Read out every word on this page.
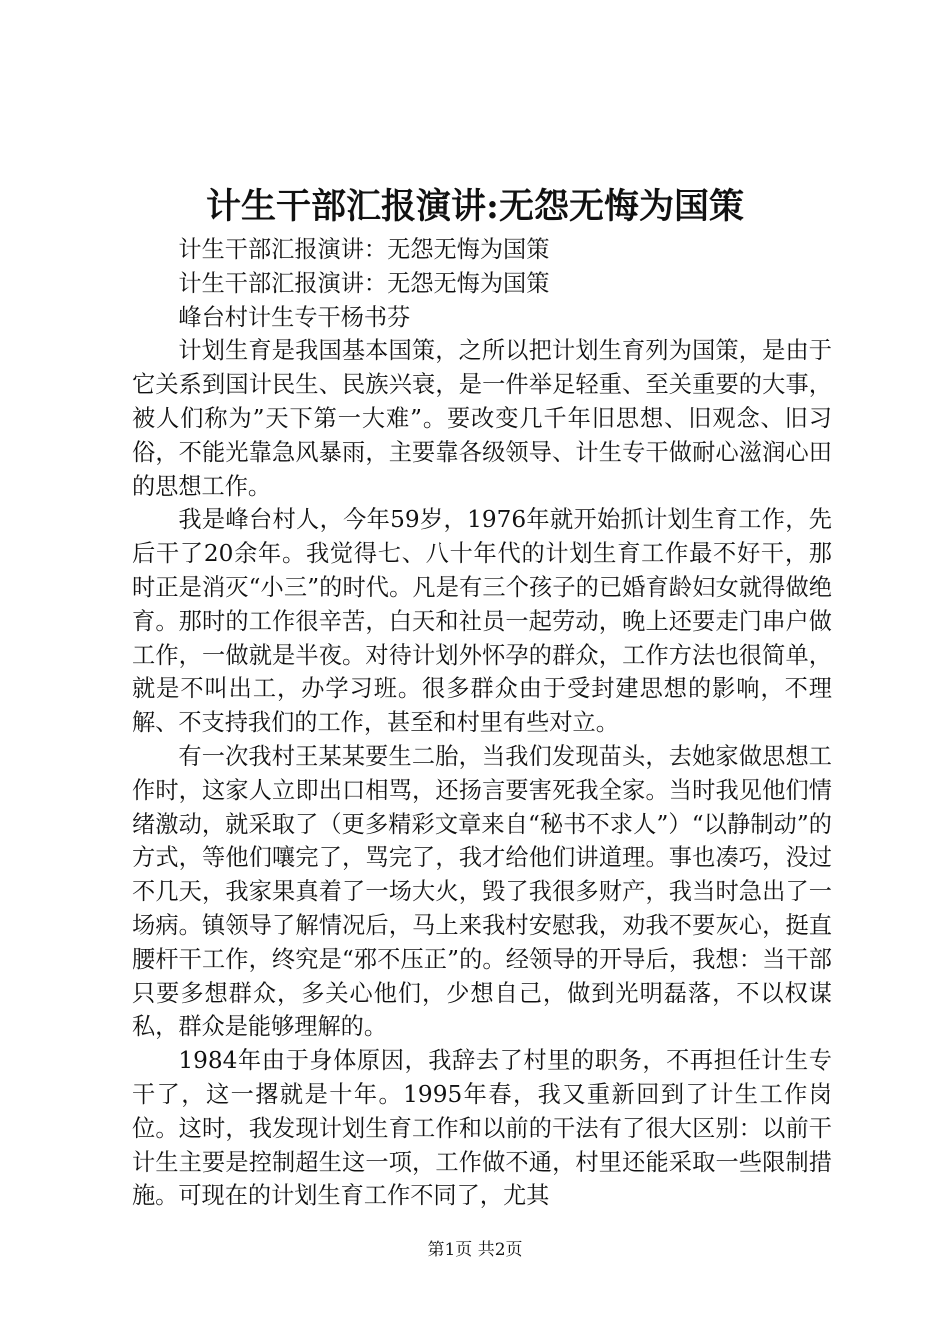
计生干部汇报演讲:无怨无悔为国策

计生干部汇报演讲：无怨无悔为国策

计生干部汇报演讲：无怨无悔为国策

峰台村计生专干杨书芬

计划生育是我国基本国策，之所以把计划生育列为国策，是由于它关系到国计民生、民族兴衰，是一件举足轻重、至关重要的大事，被人们称为”天下第一大难”。要改变几千年旧思想、旧观念、旧习俗，不能光靠急风暴雨，主要靠各级领导、计生专干做耐心滋润心田的思想工作。

我是峰台村人，今年59岁，1976年就开始抓计划生育工作，先后干了20余年。我觉得七、八十年代的计划生育工作最不好干，那时正是消灭“小三”的时代。凡是有三个孩子的已婚育龄妇女就得做绝育。那时的工作很辛苦，白天和社员一起劳动，晚上还要走门串户做工作，一做就是半夜。对待计划外怀孕的群众，工作方法也很简单，就是不叫出工，办学习班。很多群众由于受封建思想的影响，不理解、不支持我们的工作，甚至和村里有些对立。

有一次我村王某某要生二胎，当我们发现苗头，去她家做思想工作时，这家人立即出口相骂，还扬言要害死我全家。当时我见他们情绪激动，就采取了（更多精彩文章来自“秘书不求人”）“以静制动”的方式，等他们嚷完了，骂完了，我才给他们讲道理。事也凑巧，没过不几天，我家果真着了一场大火，毁了我很多财产，我当时急出了一场病。镇领导了解情况后，马上来我村安慰我，劝我不要灰心，挺直腰杆干工作，终究是“邪不压正”的。经领导的开导后，我想：当干部只要多想群众，多关心他们，少想自己，做到光明磊落，不以权谋私，群众是能够理解的。

1984年由于身体原因，我辞去了村里的职务，不再担任计生专干了，这一撂就是十年。1995年春，我又重新回到了计生工作岗位。这时，我发现计划生育工作和以前的干法有了很大区别：以前干计生主要是控制超生这一项，工作做不通，村里还能采取一些限制措施。可现在的计划生育工作不同了，尤其

第1页 共2页
